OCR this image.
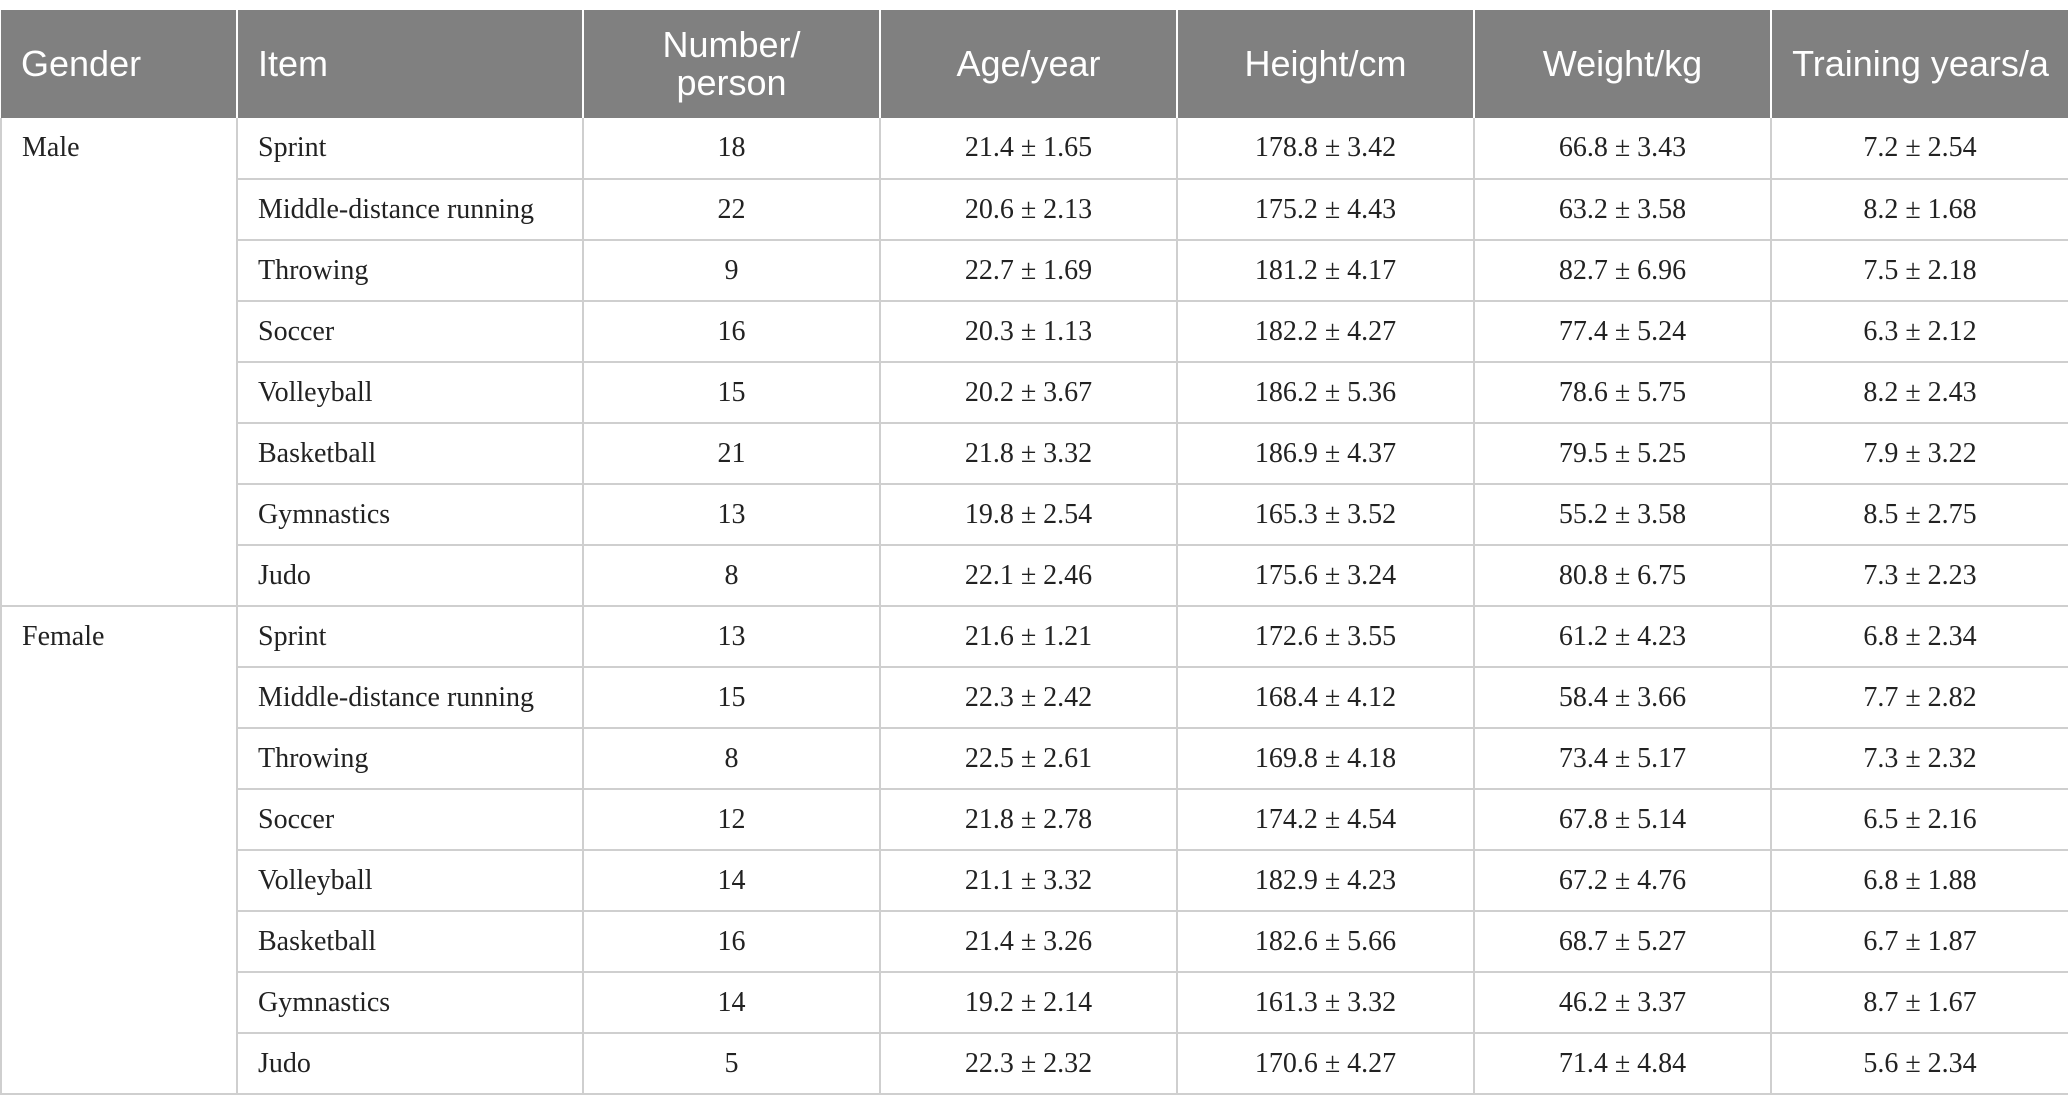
Gender	Item	Number/ person	Age/year	Height/cm	Weight/kg	Training years/a
Male	Sprint	18	21.4 ± 1.65	178.8 ± 3.42	66.8 ± 3.43	7.2 ± 2.54
	Middle-distance running	22	20.6 ± 2.13	175.2 ± 4.43	63.2 ± 3.58	8.2 ± 1.68
	Throwing	9	22.7 ± 1.69	181.2 ± 4.17	82.7 ± 6.96	7.5 ± 2.18
	Soccer	16	20.3 ± 1.13	182.2 ± 4.27	77.4 ± 5.24	6.3 ± 2.12
	Volleyball	15	20.2 ± 3.67	186.2 ± 5.36	78.6 ± 5.75	8.2 ± 2.43
	Basketball	21	21.8 ± 3.32	186.9 ± 4.37	79.5 ± 5.25	7.9 ± 3.22
	Gymnastics	13	19.8 ± 2.54	165.3 ± 3.52	55.2 ± 3.58	8.5 ± 2.75
	Judo	8	22.1 ± 2.46	175.6 ± 3.24	80.8 ± 6.75	7.3 ± 2.23
Female	Sprint	13	21.6 ± 1.21	172.6 ± 3.55	61.2 ± 4.23	6.8 ± 2.34
	Middle-distance running	15	22.3 ± 2.42	168.4 ± 4.12	58.4 ± 3.66	7.7 ± 2.82
	Throwing	8	22.5 ± 2.61	169.8 ± 4.18	73.4 ± 5.17	7.3 ± 2.32
	Soccer	12	21.8 ± 2.78	174.2 ± 4.54	67.8 ± 5.14	6.5 ± 2.16
	Volleyball	14	21.1 ± 3.32	182.9 ± 4.23	67.2 ± 4.76	6.8 ± 1.88
	Basketball	16	21.4 ± 3.26	182.6 ± 5.66	68.7 ± 5.27	6.7 ± 1.87
	Gymnastics	14	19.2 ± 2.14	161.3 ± 3.32	46.2 ± 3.37	8.7 ± 1.67
	Judo	5	22.3 ± 2.32	170.6 ± 4.27	71.4 ± 4.84	5.6 ± 2.34
